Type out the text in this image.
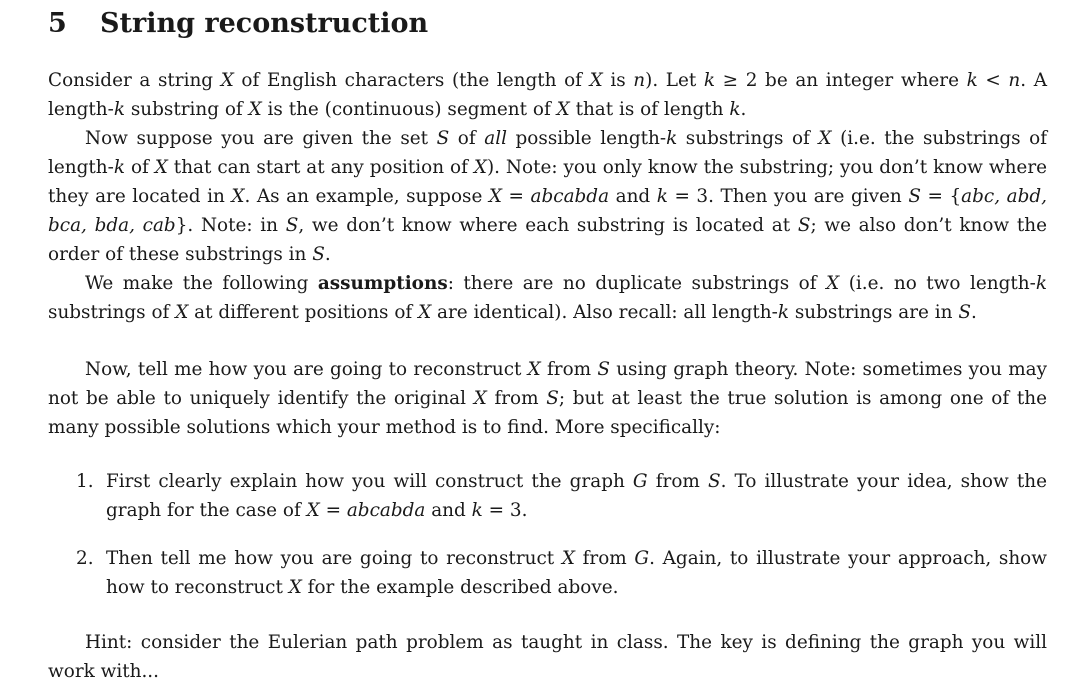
5 String reconstruction
Consider a string X of English characters (the length of X is n). Let k ≥ 2 be an integer where k < n. A length-k substring of X is the (continuous) segment of X that is of length k.
Now suppose you are given the set S of all possible length-k substrings of X (i.e. the substrings of length-k of X that can start at any position of X). Note: you only know the substring; you don’t know where they are located in X. As an example, suppose X = abcabda and k = 3. Then you are given S = {abc, abd, bca, bda, cab}. Note: in S, we don’t know where each substring is located at S; we also don’t know the order of these substrings in S.
We make the following assumptions: there are no duplicate substrings of X (i.e. no two length-k substrings of X at different positions of X are identical). Also recall: all length-k substrings are in S.
Now, tell me how you are going to reconstruct X from S using graph theory. Note: sometimes you may not be able to uniquely identify the original X from S; but at least the true solution is among one of the many possible solutions which your method is to find. More specifically:
1. First clearly explain how you will construct the graph G from S. To illustrate your idea, show the graph for the case of X = abcabda and k = 3.
2. Then tell me how you are going to reconstruct X from G. Again, to illustrate your approach, show how to reconstruct X for the example described above.
Hint: consider the Eulerian path problem as taught in class. The key is defining the graph you will work with...
